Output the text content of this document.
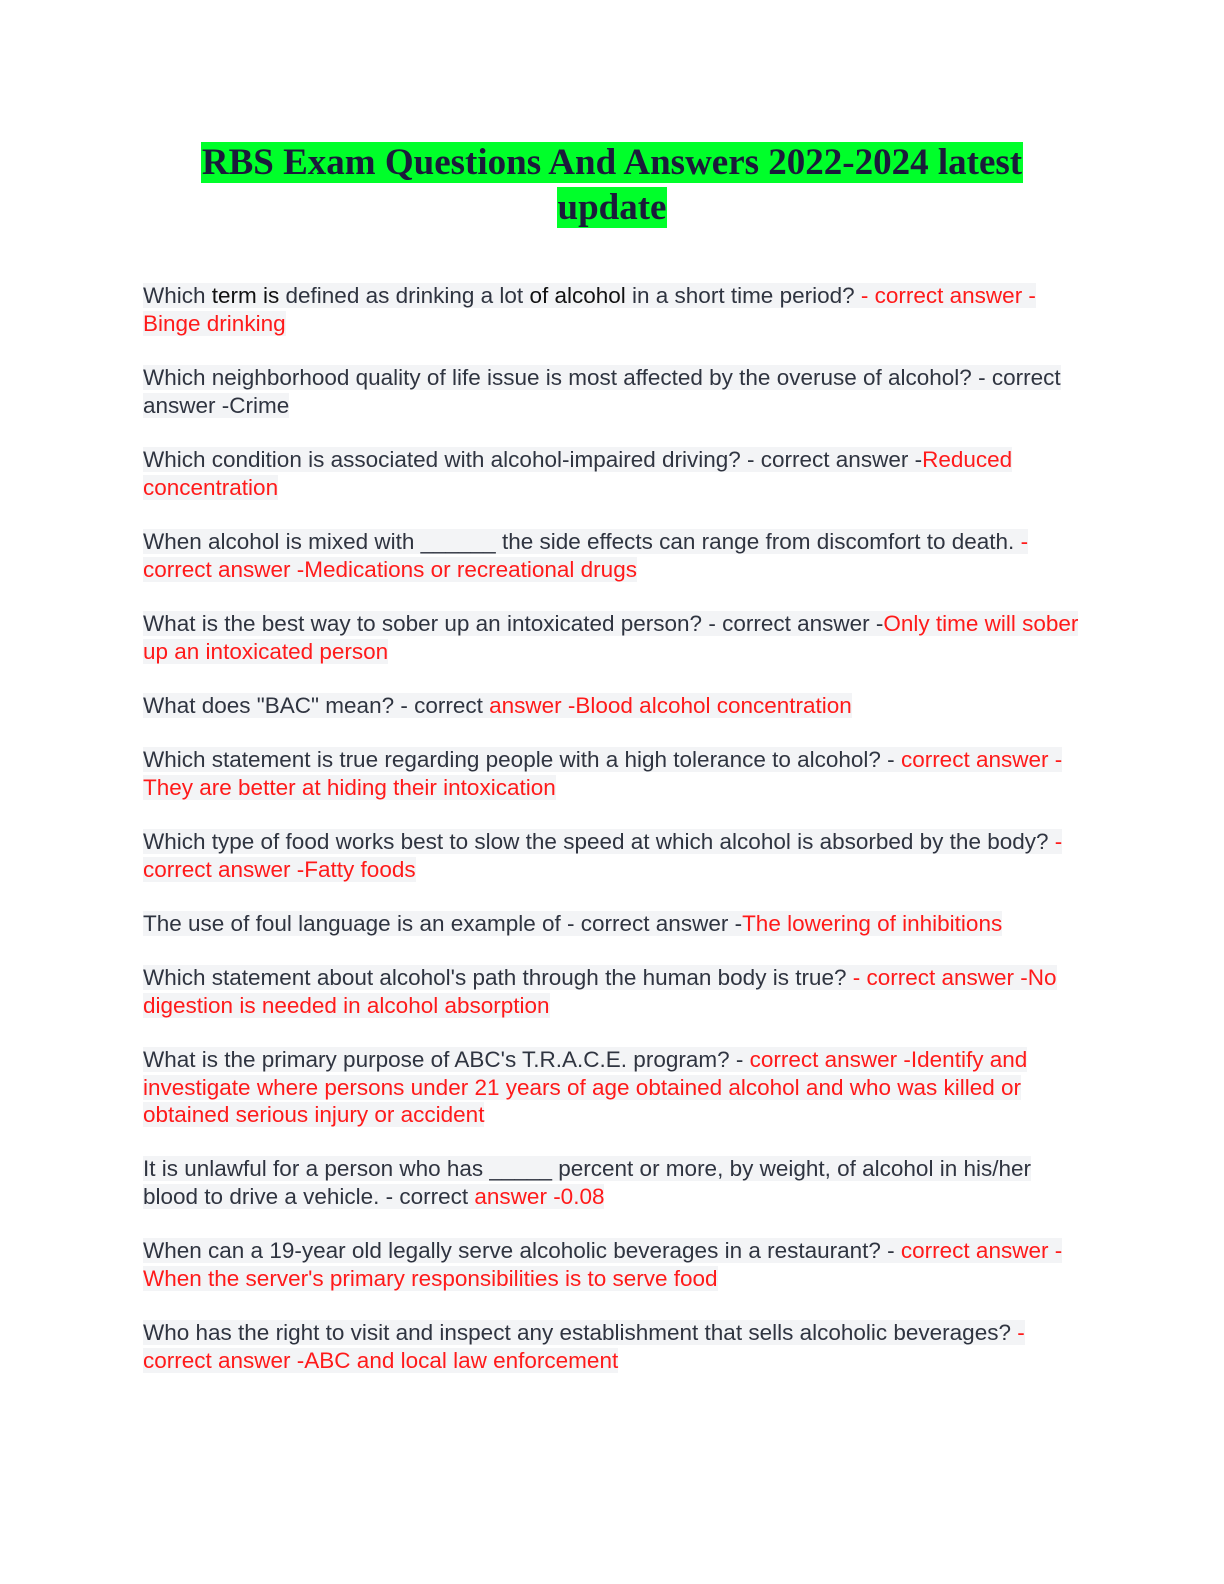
RBS Exam Questions And Answers 2022-2024 latest
update

Which term is defined as drinking a lot of alcohol in a short time period? - correct answer -Binge drinking

Which neighborhood quality of life issue is most affected by the overuse of alcohol? - correct answer -Crime

Which condition is associated with alcohol-impaired driving? - correct answer -Reduced concentration

When alcohol is mixed with ______ the side effects can range from discomfort to death. - correct answer -Medications or recreational drugs

What is the best way to sober up an intoxicated person? - correct answer -Only time will sober up an intoxicated person

What does "BAC" mean? - correct answer -Blood alcohol concentration

Which statement is true regarding people with a high tolerance to alcohol? - correct answer -They are better at hiding their intoxication

Which type of food works best to slow the speed at which alcohol is absorbed by the body? - correct answer -Fatty foods

The use of foul language is an example of - correct answer -The lowering of inhibitions

Which statement about alcohol's path through the human body is true? - correct answer -No digestion is needed in alcohol absorption

What is the primary purpose of ABC's T.R.A.C.E. program? - correct answer -Identify and investigate where persons under 21 years of age obtained alcohol and who was killed or obtained serious injury or accident

It is unlawful for a person who has _____ percent or more, by weight, of alcohol in his/her blood to drive a vehicle. - correct answer -0.08

When can a 19-year old legally serve alcoholic beverages in a restaurant? - correct answer -When the server's primary responsibilities is to serve food

Who has the right to visit and inspect any establishment that sells alcoholic beverages? - correct answer -ABC and local law enforcement
